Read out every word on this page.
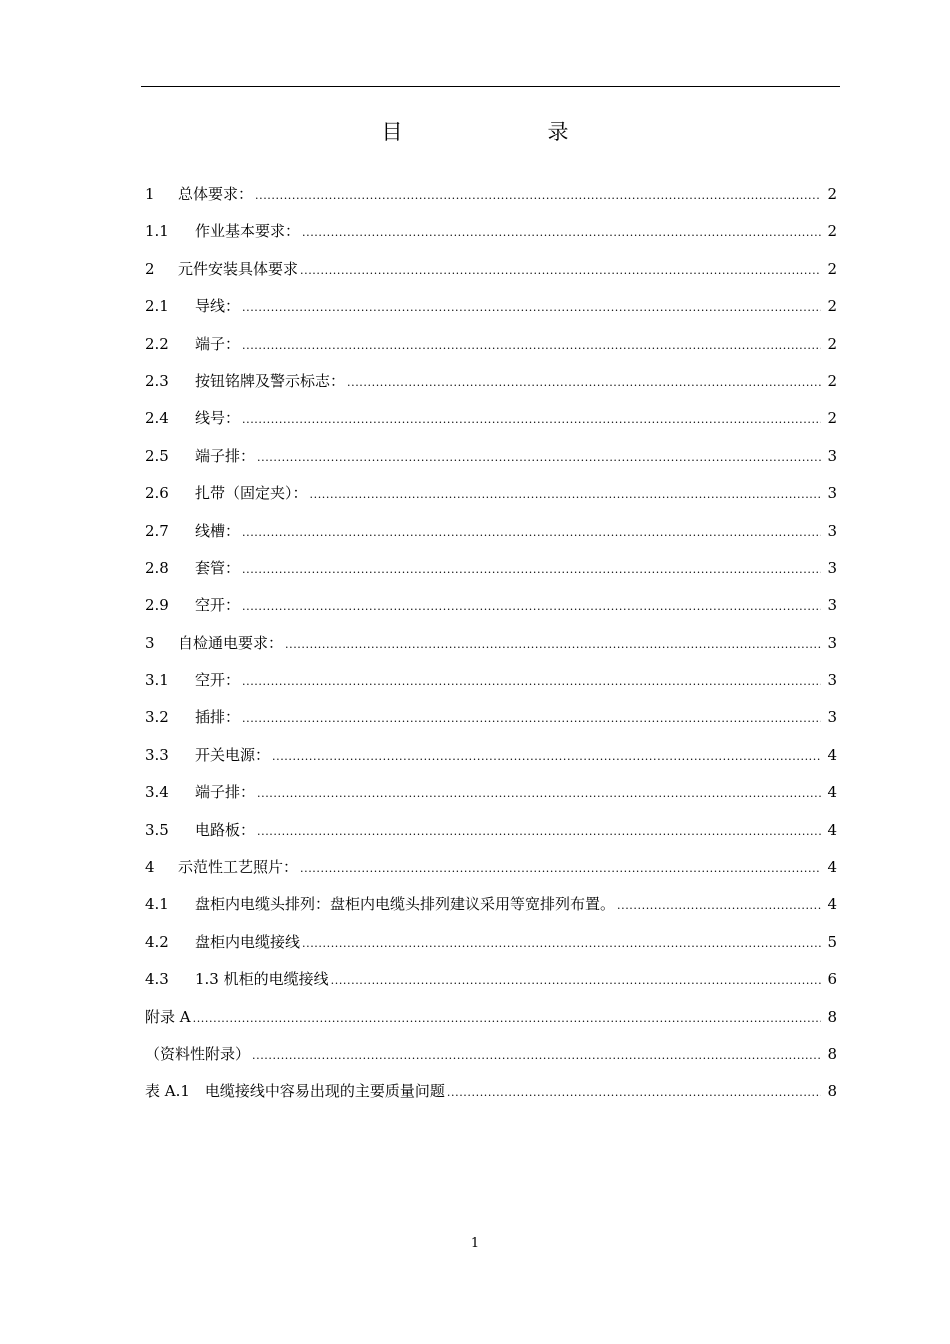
目　录
1	总体要求： .....	2
1.1	作业基本要求： .....	2
2	元件安装具体要求 .....	2
2.1	导线： .....	2
2.2	端子： .....	2
2.3	按钮铭牌及警示标志： .....	2
2.4	线号： .....	2
2.5	端子排： .....	3
2.6	扎带（固定夹）： .....	3
2.7	线槽： .....	3
2.8	套管： .....	3
2.9	空开： .....	3
3	自检通电要求： .....	3
3.1	空开： .....	3
3.2	插排： .....	3
3.3	开关电源： .....	4
3.4	端子排： .....	4
3.5	电路板： .....	4
4	示范性工艺照片： .....	4
4.1	盘柜内电缆头排列：盘柜内电缆头排列建议采用等宽排列布置。 .....	4
4.2	盘柜内电缆接线 .....	5
4.3	1.3 机柜的电缆接线 .....	6
附录 A .....	8
（资料性附录） .....	8
表 A.1　电缆接线中容易出现的主要质量问题 .....	8
1
